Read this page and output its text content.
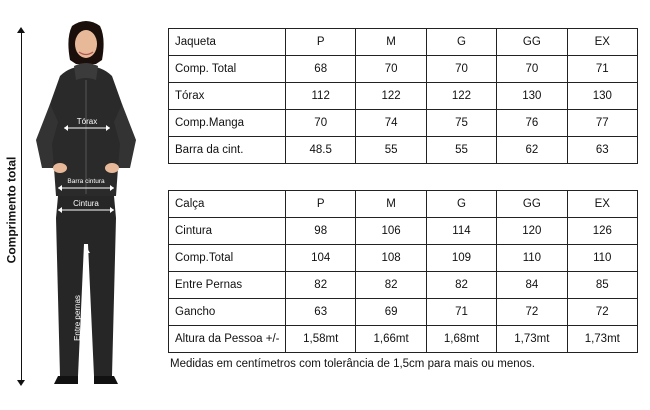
Comprimento total
Tórax
Barra cintura
Cintura
Entre pernas
Jaqueta	P	M	G	GG	EX
Comp. Total	68	70	70	70	71
Tórax	112	122	122	130	130
Comp.Manga	70	74	75	76	77
Barra da cint.	48.5	55	55	62	63
Calça	P	M	G	GG	EX
Cintura	98	106	114	120	126
Comp.Total	104	108	109	110	110
Entre Pernas	82	82	82	84	85
Gancho	63	69	71	72	72
Altura da Pessoa +/-	1,58mt	1,66mt	1,68mt	1,73mt	1,73mt
Medidas em centímetros com tolerância de 1,5cm para mais ou menos.
